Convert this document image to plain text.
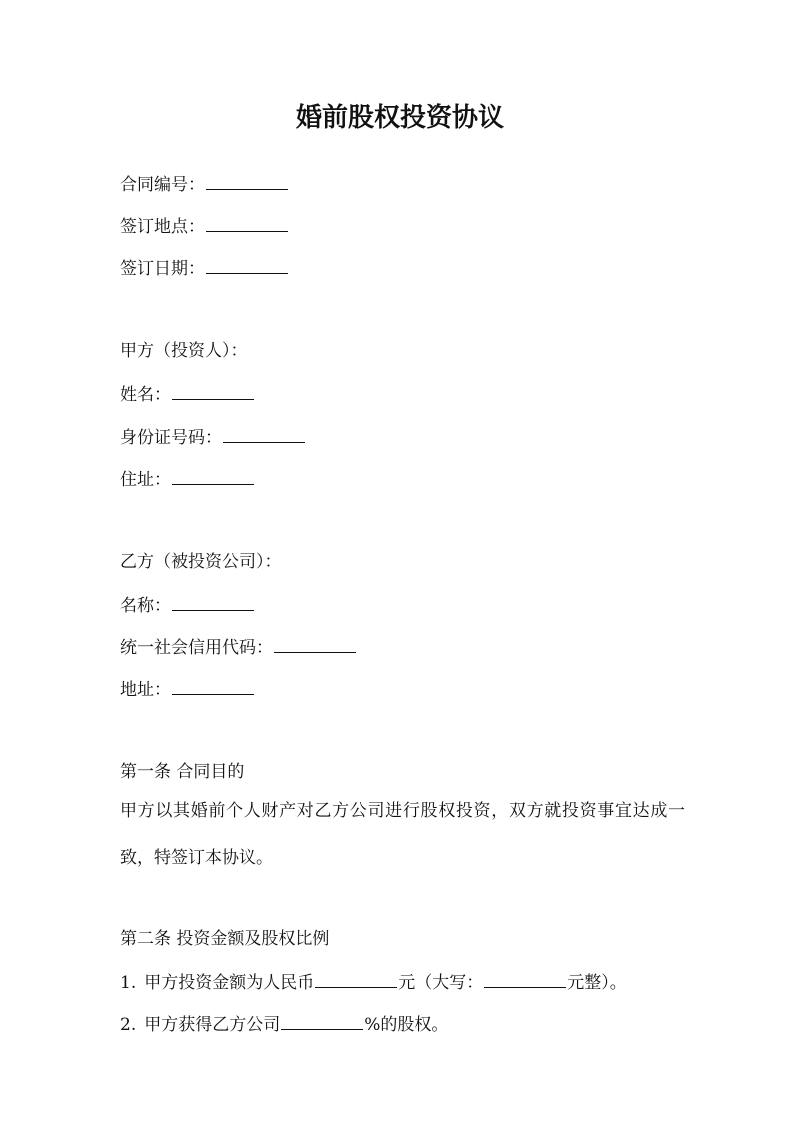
婚前股权投资协议
合同编号：
签订地点：
签订日期：
甲方（投资人）：
姓名：
身份证号码：
住址：
乙方（被投资公司）：
名称：
统一社会信用代码：
地址：
第一条 合同目的
甲方以其婚前个人财产对乙方公司进行股权投资，双方就投资事宜达成一致，特签订本协议。
第二条 投资金额及股权比例
1. 甲方投资金额为人民币	元（大写：	元整）。
2. 甲方获得乙方公司	%的股权。
